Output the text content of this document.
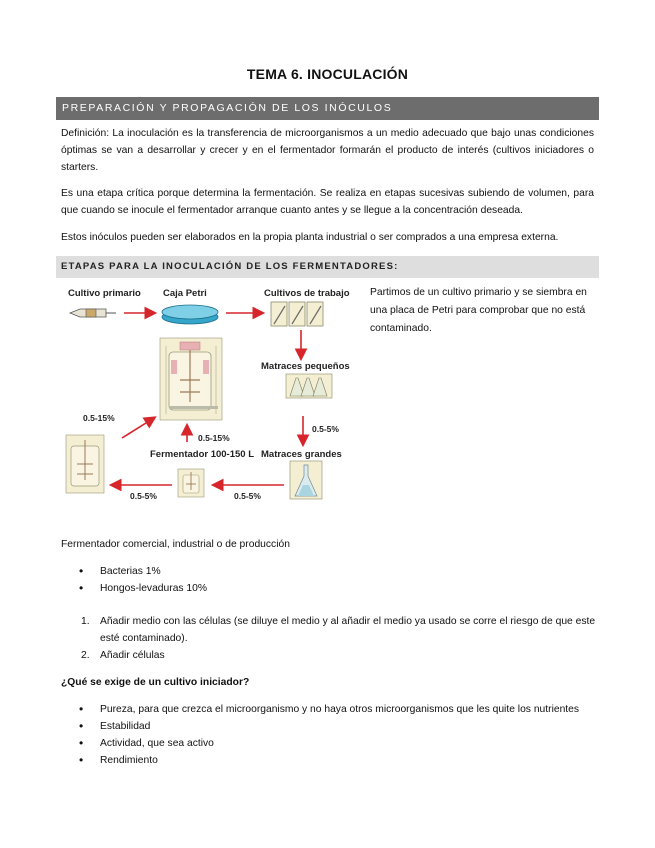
TEMA 6. INOCULACIÓN
PREPARACIÓN Y PROPAGACIÓN DE LOS INÓCULOS
Definición: La inoculación es la transferencia de microorganismos a un medio adecuado que bajo unas condiciones óptimas se van a desarrollar y crecer y en el fermentador formarán el producto de interés (cultivos iniciadores o starters.
Es una etapa crítica porque determina la fermentación. Se realiza en etapas sucesivas subiendo de volumen, para que cuando se inocule el fermentador arranque cuanto antes y se llegue a la concentración deseada.
Estos inóculos pueden ser elaborados en la propia planta industrial o ser comprados a una empresa externa.
ETAPAS PARA LA INOCULACIÓN DE LOS FERMENTADORES:
Cultivo primario Caja Petri	Cultivos de trabajo
Matraces pequeños
Matraces grandes
Fermentador 100-150 L
0.5-15%
0.5-15%
0.5-5%
0.5-5%
0.5-5%
Partimos de un cultivo primario y se siembra en una placa de Petri para comprobar que no está contaminado.
Fermentador comercial, industrial o de producción
• Bacterias 1%
• Hongos-levaduras 10%
1. Añadir medio con las células (se diluye el medio y al añadir el medio ya usado se corre el riesgo de que este esté contaminado).
2. Añadir células
¿Qué se exige de un cultivo iniciador?
• Pureza, para que crezca el microorganismo y no haya otros microorganismos que les quite los nutrientes
• Estabilidad
• Actividad, que sea activo
• Rendimiento
